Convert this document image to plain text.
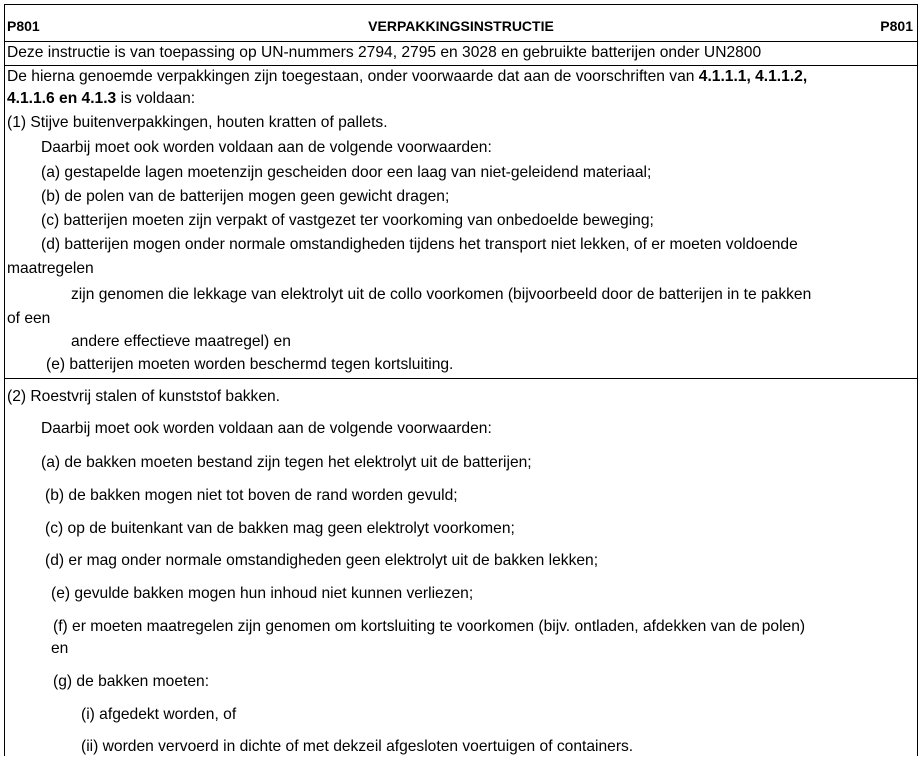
P801	VERPAKKINGSINSTRUCTIE	P801
Deze instructie is van toepassing op UN-nummers 2794, 2795 en 3028 en gebruikte batterijen onder UN2800
De hierna genoemde verpakkingen zijn toegestaan, onder voorwaarde dat aan de voorschriften van 4.1.1.1, 4.1.1.2,
4.1.1.6 en 4.1.3 is voldaan:
(1) Stijve buitenverpakkingen, houten kratten of pallets.
Daarbij moet ook worden voldaan aan de volgende voorwaarden:
(a) gestapelde lagen moetenzijn gescheiden door een laag van niet-geleidend materiaal;
(b) de polen van de batterijen mogen geen gewicht dragen;
(c) batterijen moeten zijn verpakt of vastgezet ter voorkoming van onbedoelde beweging;
(d) batterijen mogen onder normale omstandigheden tijdens het transport niet lekken, of er moeten voldoende
maatregelen
zijn genomen die lekkage van elektrolyt uit de collo voorkomen (bijvoorbeeld door de batterijen in te pakken
of een
andere effectieve maatregel) en
(e) batterijen moeten worden beschermd tegen kortsluiting.
(2) Roestvrij stalen of kunststof bakken.
Daarbij moet ook worden voldaan aan de volgende voorwaarden:
(a) de bakken moeten bestand zijn tegen het elektrolyt uit de batterijen;
(b) de bakken mogen niet tot boven de rand worden gevuld;
(c) op de buitenkant van de bakken mag geen elektrolyt voorkomen;
(d) er mag onder normale omstandigheden geen elektrolyt uit de bakken lekken;
(e) gevulde bakken mogen hun inhoud niet kunnen verliezen;
(f) er moeten maatregelen zijn genomen om kortsluiting te voorkomen (bijv. ontladen, afdekken van de polen)
en
(g) de bakken moeten:
(i) afgedekt worden, of
(ii) worden vervoerd in dichte of met dekzeil afgesloten voertuigen of containers.
